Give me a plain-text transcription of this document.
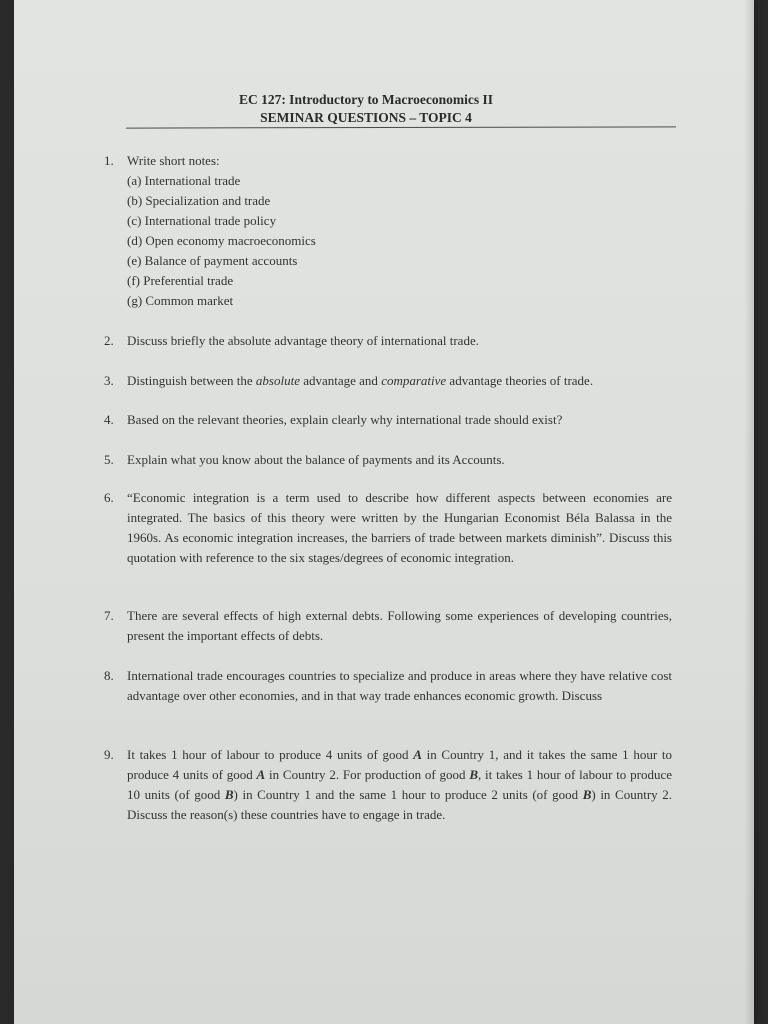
EC 127: Introductory to Macroeconomics II
SEMINAR QUESTIONS – TOPIC 4
1.	Write short notes:
(a) International trade
(b) Specialization and trade
(c) International trade policy
(d) Open economy macroeconomics
(e) Balance of payment accounts
(f) Preferential trade
(g) Common market
2.	Discuss briefly the absolute advantage theory of international trade.
3.	Distinguish between the absolute advantage and comparative advantage theories of trade.
4.	Based on the relevant theories, explain clearly why international trade should exist?
5.	Explain what you know about the balance of payments and its Accounts.
6.	“Economic integration is a term used to describe how different aspects between economies are integrated. The basics of this theory were written by the Hungarian Economist Béla Balassa in the 1960s. As economic integration increases, the barriers of trade between markets diminish”. Discuss this quotation with reference to the six stages/degrees of economic integration.
7.	There are several effects of high external debts. Following some experiences of developing countries, present the important effects of debts.
8.	International trade encourages countries to specialize and produce in areas where they have relative cost advantage over other economies, and in that way trade enhances economic growth. Discuss
9.	It takes 1 hour of labour to produce 4 units of good A in Country 1, and it takes the same 1 hour to produce 4 units of good A in Country 2. For production of good B, it takes 1 hour of labour to produce 10 units (of good B) in Country 1 and the same 1 hour to produce 2 units (of good B) in Country 2. Discuss the reason(s) these countries have to engage in trade.
